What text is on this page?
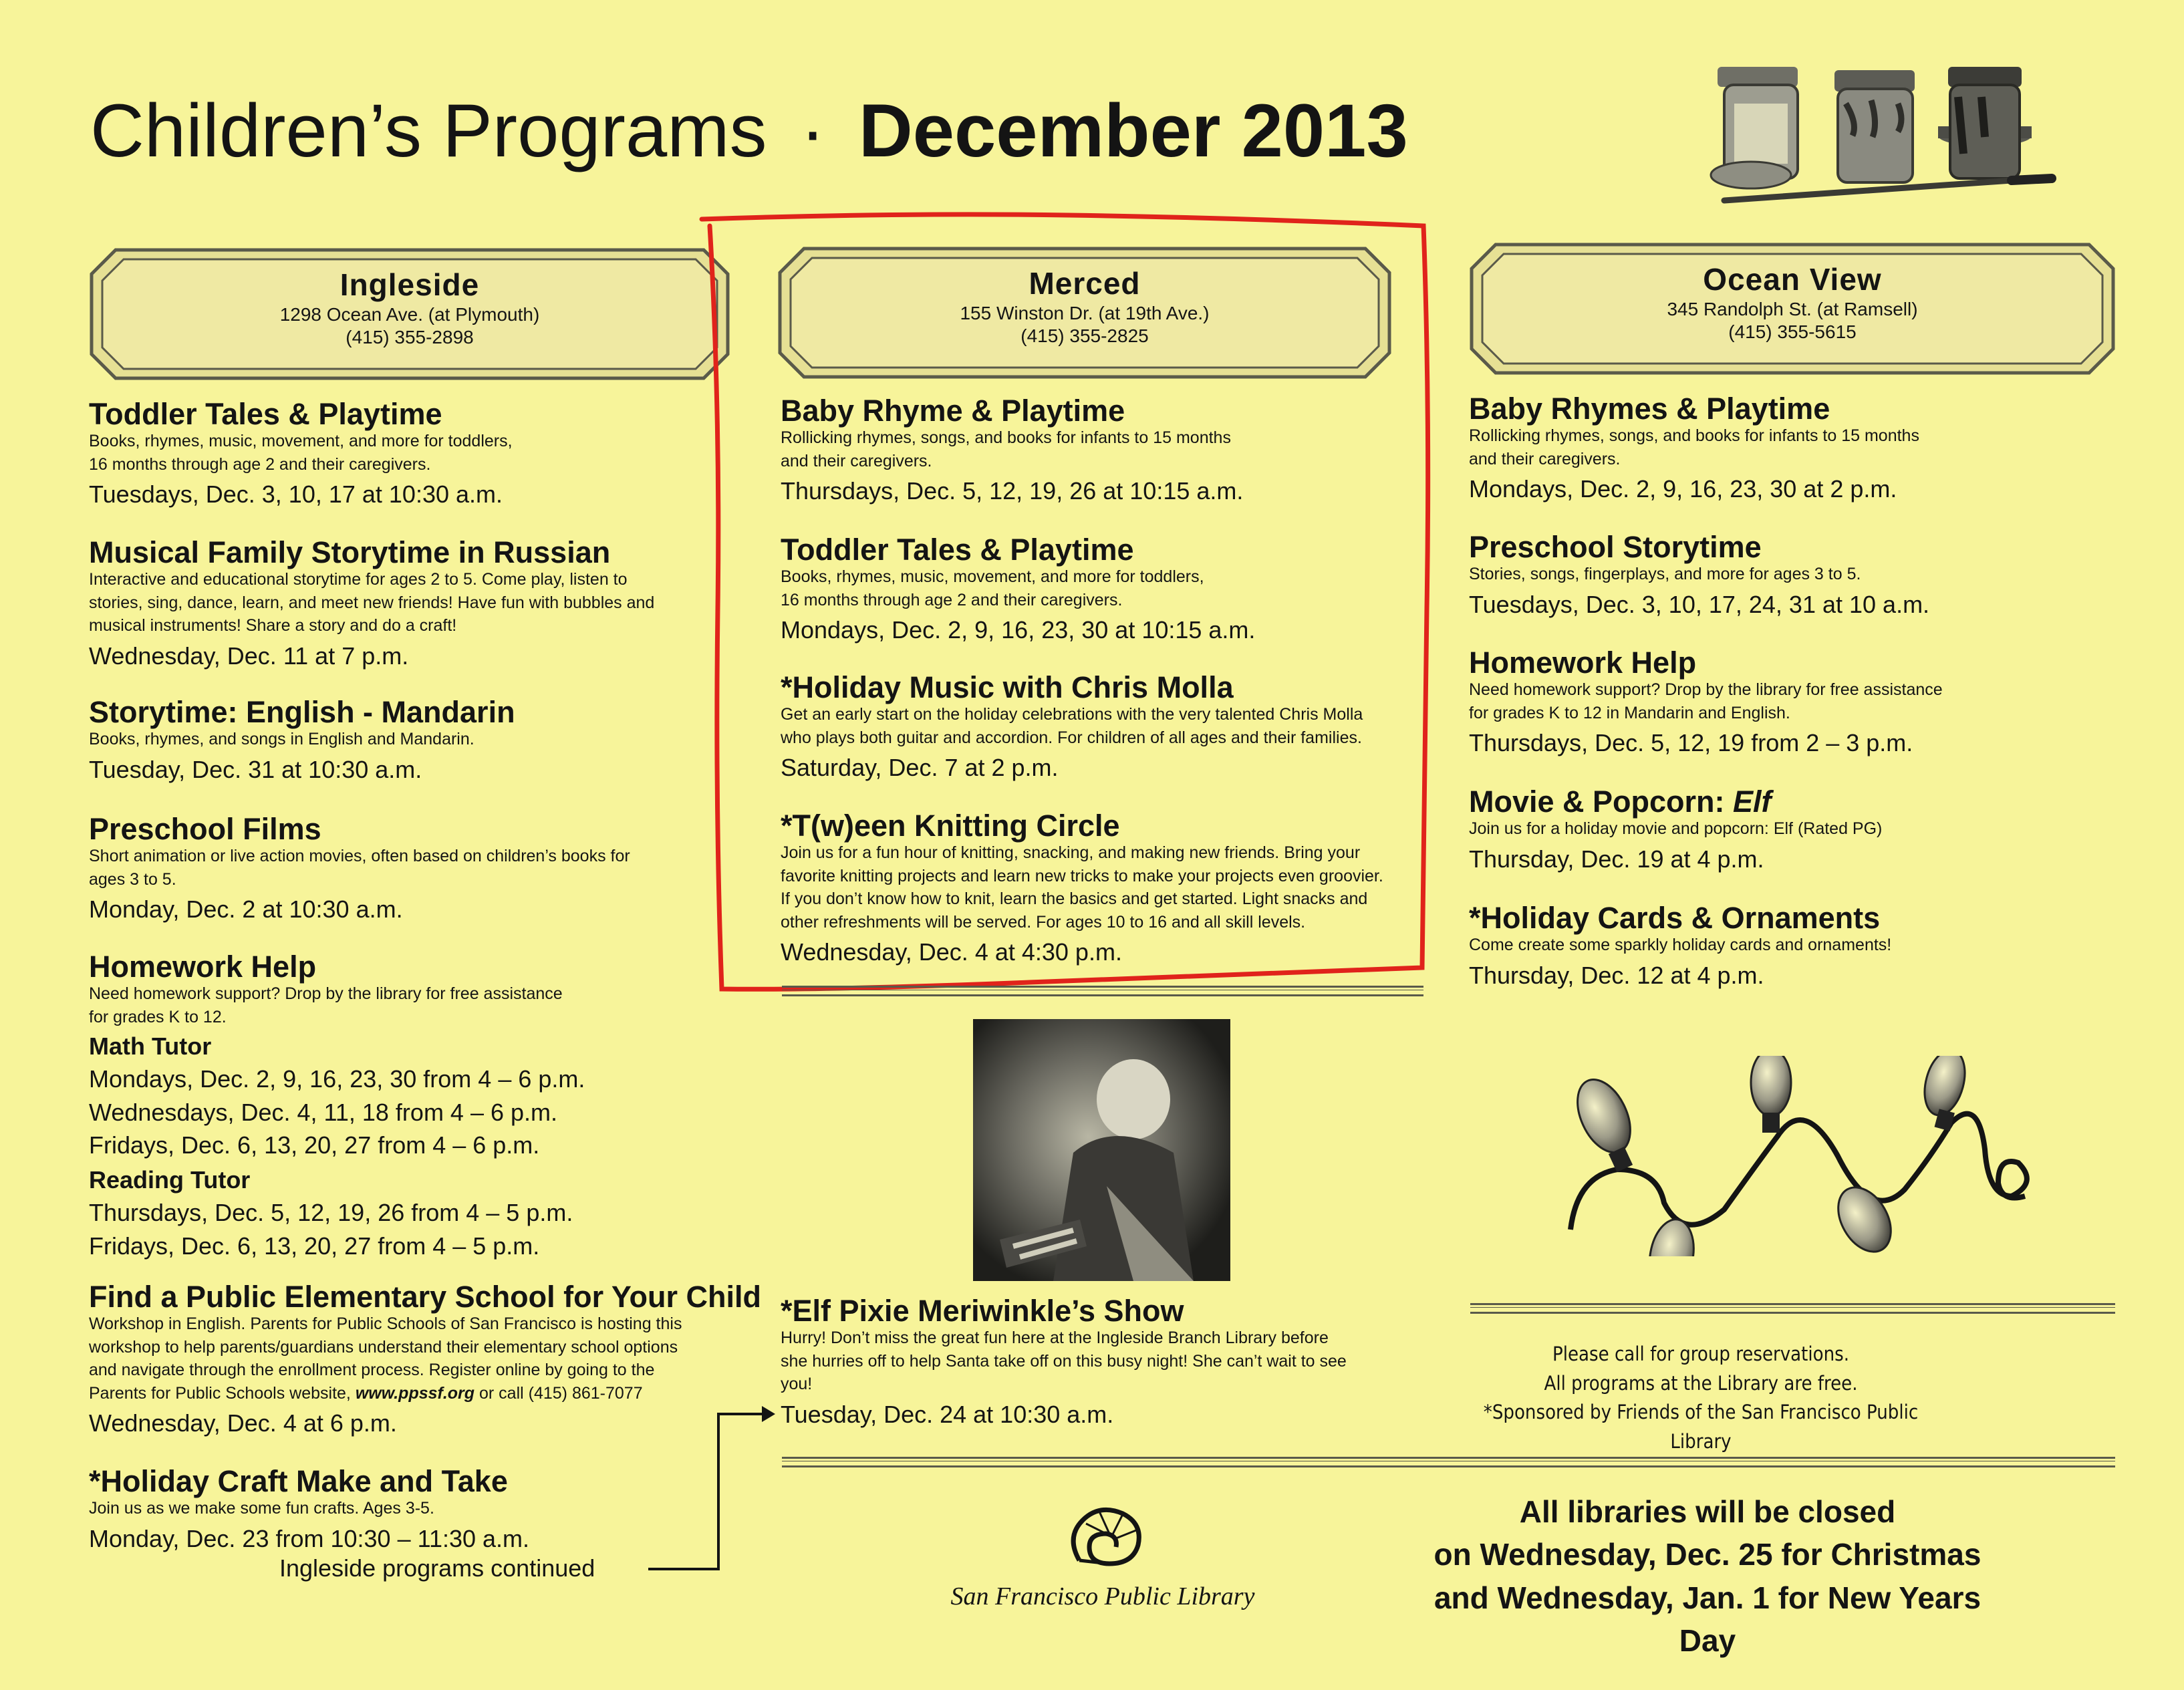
Children’s Programs · December 2013
Ingleside
1298 Ocean Ave. (at Plymouth)
(415) 355-2898
Merced
155 Winston Dr. (at 19th Ave.)
(415) 355-2825
Ocean View
345 Randolph St. (at Ramsell)
(415) 355-5615
Toddler Tales & Playtime
Books, rhymes, music, movement, and more for toddlers,
16 months through age 2 and their caregivers.
Tuesdays, Dec. 3, 10, 17 at 10:30 a.m.
Musical Family Storytime in Russian
Interactive and educational storytime for ages 2 to 5. Come play, listen to
stories, sing, dance, learn, and meet new friends! Have fun with bubbles and
musical instruments! Share a story and do a craft!
Wednesday, Dec. 11 at 7 p.m.
Storytime: English - Mandarin
Books, rhymes, and songs in English and Mandarin.
Tuesday, Dec. 31 at 10:30 a.m.
Preschool Films
Short animation or live action movies, often based on children’s books for
ages 3 to 5.
Monday, Dec. 2 at 10:30 a.m.
Homework Help
Need homework support? Drop by the library for free assistance
for grades K to 12.
Math Tutor
Mondays, Dec. 2, 9, 16, 23, 30 from 4 – 6 p.m.
Wednesdays, Dec. 4, 11, 18 from 4 – 6 p.m.
Fridays, Dec. 6, 13, 20, 27 from 4 – 6 p.m.
Reading Tutor
Thursdays, Dec. 5, 12, 19, 26 from 4 – 5 p.m.
Fridays, Dec. 6, 13, 20, 27 from 4 – 5 p.m.
Find a Public Elementary School for Your Child
Workshop in English. Parents for Public Schools of San Francisco is hosting this
workshop to help parents/guardians understand their elementary school options
and navigate through the enrollment process. Register online by going to the
Parents for Public Schools website, www.ppssf.org or call (415) 861-7077
Wednesday, Dec. 4 at 6 p.m.
*Holiday Craft Make and Take
Join us as we make some fun crafts. Ages 3-5.
Monday, Dec. 23 from 10:30 – 11:30 a.m.
Ingleside programs continued
Baby Rhyme & Playtime
Rollicking rhymes, songs, and books for infants to 15 months
and their caregivers.
Thursdays, Dec. 5, 12, 19, 26 at 10:15 a.m.
Toddler Tales & Playtime
Books, rhymes, music, movement, and more for toddlers,
16 months through age 2 and their caregivers.
Mondays, Dec. 2, 9, 16, 23, 30 at 10:15 a.m.
*Holiday Music with Chris Molla
Get an early start on the holiday celebrations with the very talented Chris Molla
who plays both guitar and accordion. For children of all ages and their families.
Saturday, Dec. 7 at 2 p.m.
*T(w)een Knitting Circle
Join us for a fun hour of knitting, snacking, and making new friends. Bring your
favorite knitting projects and learn new tricks to make your projects even groovier.
If you don’t know how to knit, learn the basics and get started. Light snacks and
other refreshments will be served. For ages 10 to 16 and all skill levels.
Wednesday, Dec. 4 at 4:30 p.m.
*Elf Pixie Meriwinkle’s Show
Hurry! Don’t miss the great fun here at the Ingleside Branch Library before
she hurries off to help Santa take off on this busy night! She can’t wait to see
you!
Tuesday, Dec. 24 at 10:30 a.m.
San Francisco Public Library
Baby Rhymes & Playtime
Rollicking rhymes, songs, and books for infants to 15 months
and their caregivers.
Mondays, Dec. 2, 9, 16, 23, 30 at 2 p.m.
Preschool Storytime
Stories, songs, fingerplays, and more for ages 3 to 5.
Tuesdays, Dec. 3, 10, 17, 24, 31 at 10 a.m.
Homework Help
Need homework support? Drop by the library for free assistance
for grades K to 12 in Mandarin and English.
Thursdays, Dec. 5, 12, 19 from 2 – 3 p.m.
Movie & Popcorn: Elf
Join us for a holiday movie and popcorn: Elf (Rated PG)
Thursday, Dec. 19 at 4 p.m.
*Holiday Cards & Ornaments
Come create some sparkly holiday cards and ornaments!
Thursday, Dec. 12 at 4 p.m.
Please call for group reservations.
All programs at the Library are free.
*Sponsored by Friends of the San Francisco Public Library
All libraries will be closed
on Wednesday, Dec. 25 for Christmas
and Wednesday, Jan. 1 for New Years Day
